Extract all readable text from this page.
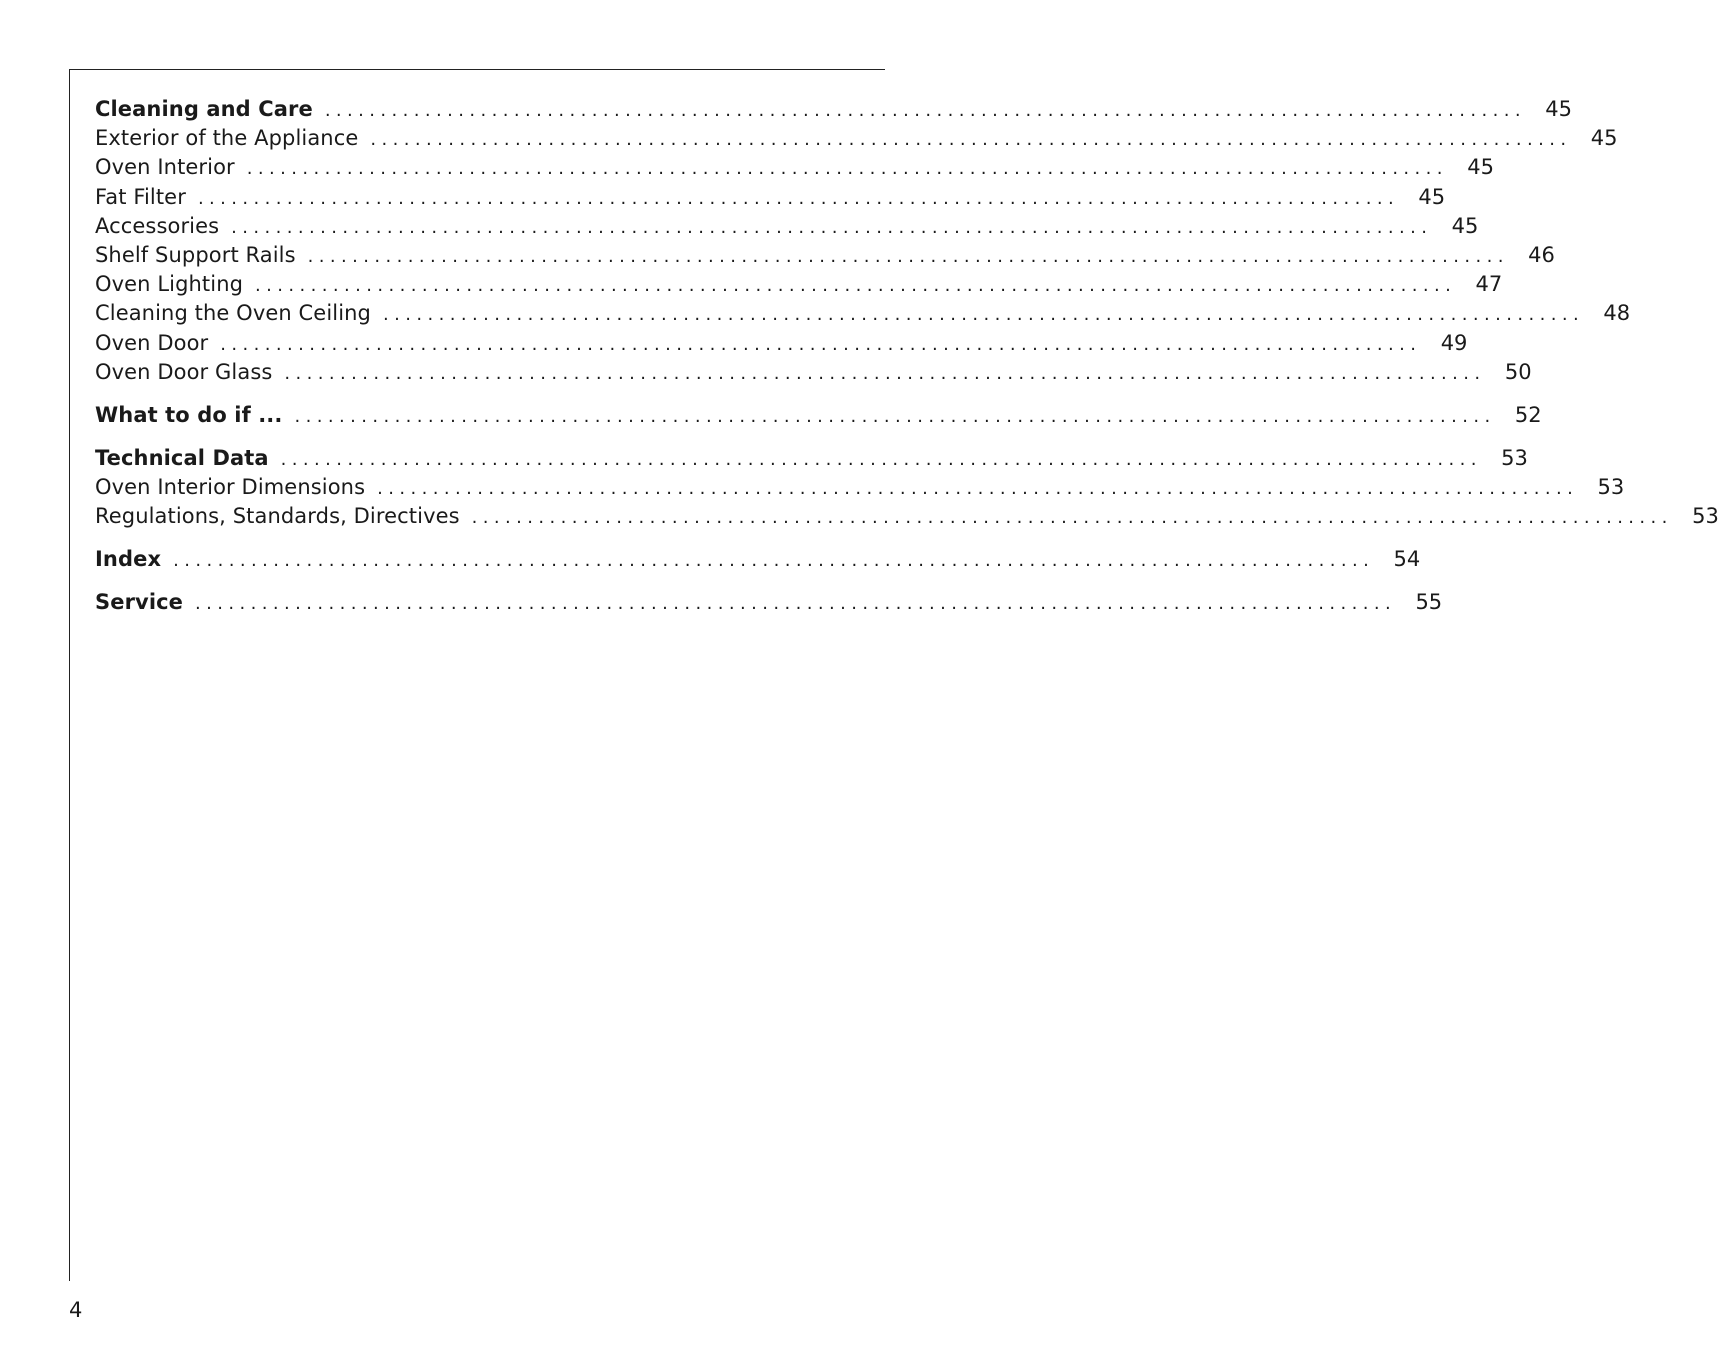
Cleaning and Care ............................................................................................................ 45
Exterior of the Appliance ............................................................................................................ 45
Oven Interior ............................................................................................................ 45
Fat Filter ............................................................................................................ 45
Accessories ............................................................................................................ 45
Shelf Support Rails ............................................................................................................ 46
Oven Lighting ............................................................................................................ 47
Cleaning the Oven Ceiling ............................................................................................................ 48
Oven Door ............................................................................................................ 49
Oven Door Glass ............................................................................................................ 50
What to do if ... ............................................................................................................ 52
Technical Data ............................................................................................................ 53
Oven Interior Dimensions ............................................................................................................ 53
Regulations, Standards, Directives ............................................................................................................ 53
Index ............................................................................................................ 54
Service ............................................................................................................ 55
4
